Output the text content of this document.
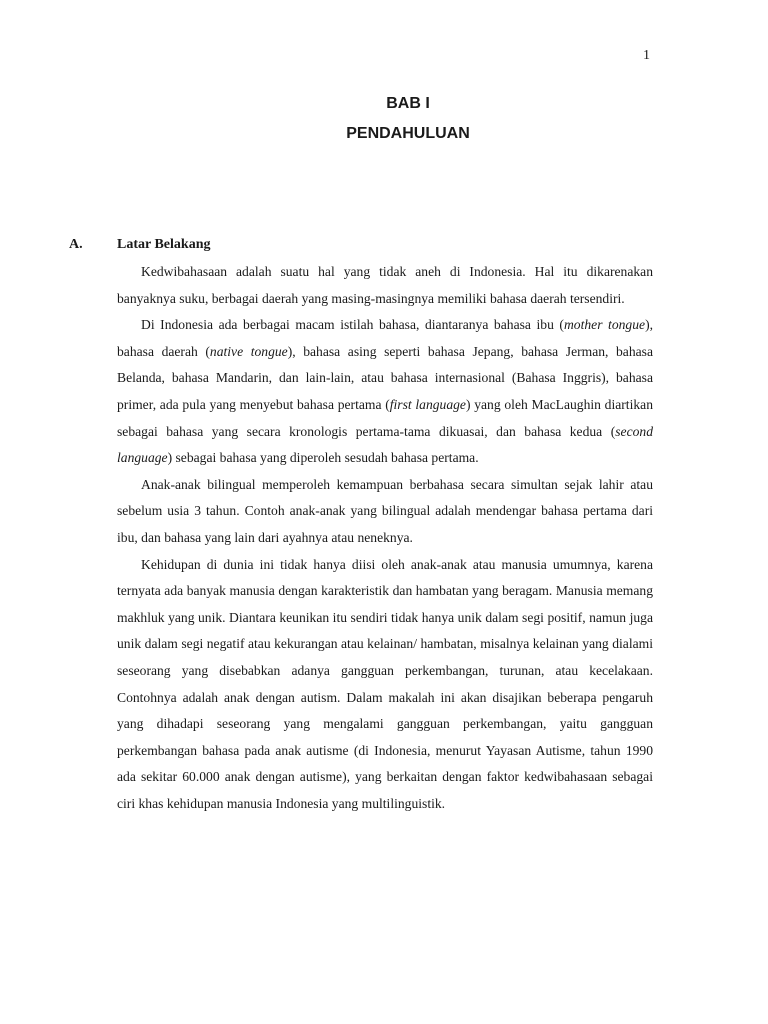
1
BAB I
PENDAHULUAN
A. Latar Belakang

Kedwibahasaan adalah suatu hal yang tidak aneh di Indonesia. Hal itu dikarenakan banyaknya suku, berbagai daerah yang masing-masingnya memiliki bahasa daerah tersendiri.

Di Indonesia ada berbagai macam istilah bahasa, diantaranya bahasa ibu (mother tongue), bahasa daerah (native tongue), bahasa asing seperti bahasa Jepang, bahasa Jerman, bahasa Belanda, bahasa Mandarin, dan lain-lain, atau bahasa internasional (Bahasa Inggris), bahasa primer, ada pula yang menyebut bahasa pertama (first language) yang oleh MacLaughin diartikan sebagai bahasa yang secara kronologis pertama-tama dikuasai, dan bahasa kedua (second language) sebagai bahasa yang diperoleh sesudah bahasa pertama.

Anak-anak bilingual memperoleh kemampuan berbahasa secara simultan sejak lahir atau sebelum usia 3 tahun. Contoh anak-anak yang bilingual adalah mendengar bahasa pertama dari ibu, dan bahasa yang lain dari ayahnya atau neneknya.

Kehidupan di dunia ini tidak hanya diisi oleh anak-anak atau manusia umumnya, karena ternyata ada banyak manusia dengan karakteristik dan hambatan yang beragam. Manusia memang makhluk yang unik. Diantara keunikan itu sendiri tidak hanya unik dalam segi positif, namun juga unik dalam segi negatif atau kekurangan atau kelainan/ hambatan, misalnya kelainan yang dialami seseorang yang disebabkan adanya gangguan perkembangan, turunan, atau kecelakaan. Contohnya adalah anak dengan autism. Dalam makalah ini akan disajikan beberapa pengaruh yang dihadapi seseorang yang mengalami gangguan perkembangan, yaitu gangguan perkembangan bahasa pada anak autisme (di Indonesia, menurut Yayasan Autisme, tahun 1990 ada sekitar 60.000 anak dengan autisme), yang berkaitan dengan faktor kedwibahasaan sebagai ciri khas kehidupan manusia Indonesia yang multilinguistik.
